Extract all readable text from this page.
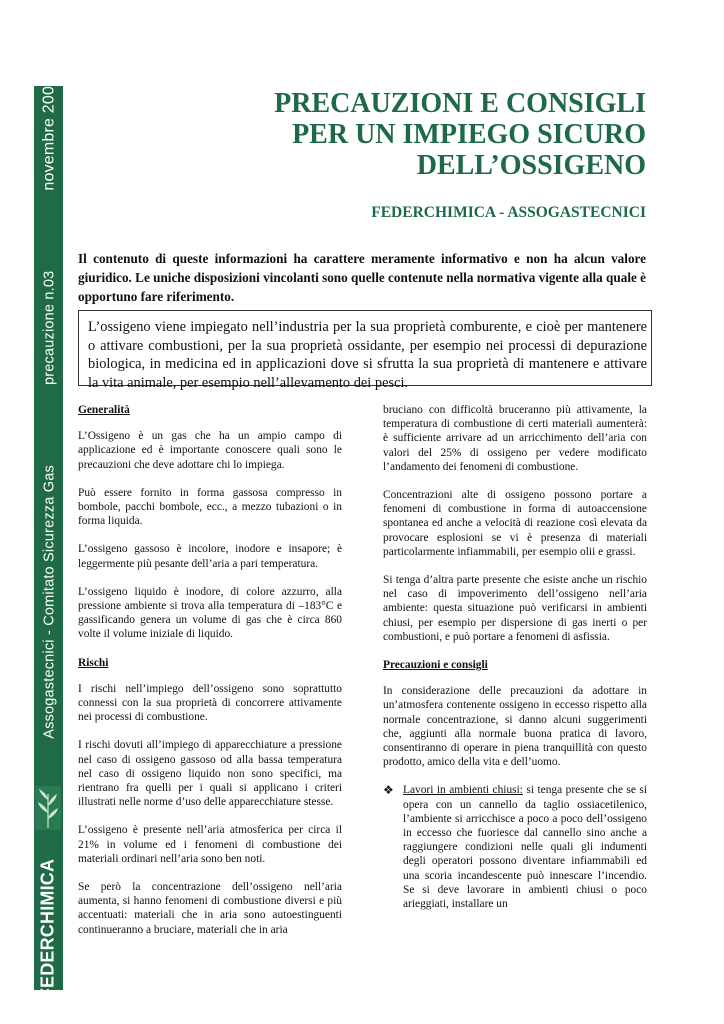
FEDERCHIMICAAssogastecnici - Comitato Sicurezza Gasprecauzione n.03novembre 2003	PRECAUZIONI E CONSIGLI
PER UN IMPIEGO SICURO
DELL’OSSIGENO
FEDERCHIMICA - ASSOGASTECNICI
Il contenuto di queste informazioni ha carattere meramente informativo e non ha alcun valore giuridico. Le uniche disposizioni vincolanti sono quelle contenute nella normativa vigente alla quale è opportuno fare riferimento.
L’ossigeno viene impiegato nell’industria per la sua proprietà comburente, e cioè per mantenere o attivare combustioni, per la sua proprietà ossidante, per esempio nei processi di depurazione biologica, in medicina ed in applicazioni dove si sfrutta la sua proprietà di mantenere e attivare la vita animale, per esempio nell’allevamento dei pesci.
Generalità

L’Ossigeno è un gas che ha un ampio campo di applicazione ed è importante conoscere quali sono le precauzioni che deve adottare chi lo impiega.

Può essere fornito in forma gassosa compresso in bombole, pacchi bombole, ecc., a mezzo tubazioni o in forma liquida.

L’ossigeno gassoso è incolore, inodore e insapore; è leggermente più pesante dell’aria a pari temperatura.

L’ossigeno liquido è inodore, di colore azzurro, alla pressione ambiente si trova alla temperatura di –183°C e gassificando genera un volume di gas che è circa 860 volte il volume iniziale di liquido.

Rischi

I rischi nell’impiego dell’ossigeno sono soprattutto connessi con la sua proprietà di concorrere attivamente nei processi di combustione.

I rischi dovuti all’impiego di apparecchiature a pressione nel caso di ossigeno gassoso od alla bassa temperatura nel caso di ossigeno liquido non sono specifici, ma rientrano fra quelli per i quali si applicano i criteri illustrati nelle norme d’uso delle apparecchiature stesse.

L’ossigeno è presente nell’aria atmosferica per circa il 21% in volume ed i fenomeni di combustione dei materiali ordinari nell’aria sono ben noti.

Se però la concentrazione dell’ossigeno nell’aria aumenta, si hanno fenomeni di combustione diversi e più accentuati: materiali che in aria sono autoestinguenti continueranno a bruciare, materiali che in aria

bruciano con difficoltà bruceranno più attivamente, la temperatura di combustione di certi materiali aumenterà: è sufficiente arrivare ad un arricchimento dell’aria con valori del 25% di ossigeno per vedere modificato l’andamento dei fenomeni di combustione.

Concentrazioni alte di ossigeno possono portare a fenomeni di combustione in forma di autoaccensione spontanea ed anche a velocità di reazione così elevata da provocare esplosioni se vi è presenza di materiali particolarmente infiammabili, per esempio olii e grassi.

Si tenga d’altra parte presente che esiste anche un rischio nel caso di impoverimento dell’ossigeno nell’aria ambiente: questa situazione può verificarsi in ambienti chiusi, per esempio per dispersione di gas inerti o per combustioni, e può portare a fenomeni di asfissia.

Precauzioni e consigli

In considerazione delle precauzioni da adottare in un’atmosfera contenente ossigeno in eccesso rispetto alla normale concentrazione, si danno alcuni suggerimenti che, aggiunti alla normale buona pratica di lavoro, consentiranno di operare in piena tranquillità con questo prodotto, amico della vita e dell’uomo.

❖ Lavori in ambienti chiusi: si tenga presente che se si opera con un cannello da taglio ossiacetilenico, l’ambiente si arricchisce a poco a poco dell’ossigeno in eccesso che fuoriesce dal cannello sino anche a raggiungere condizioni nelle quali gli indumenti degli operatori possono diventare infiammabili ed una scoria incandescente può innescare l’incendio. Se si deve lavorare in ambienti chiusi o poco arieggiati, installare un
